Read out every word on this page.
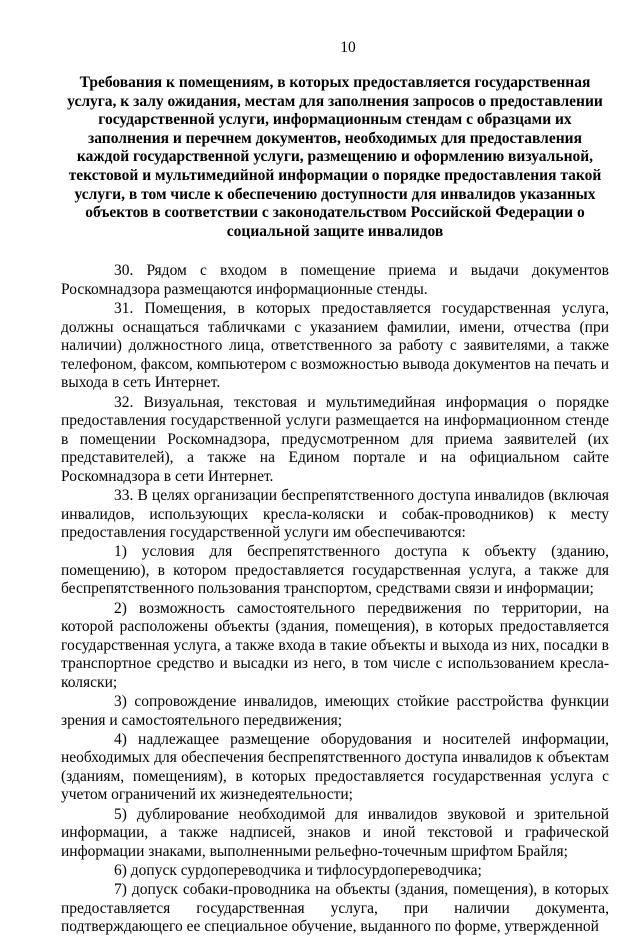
10
Требования к помещениям, в которых предоставляется государственная услуга, к залу ожидания, местам для заполнения запросов о предоставлении государственной услуги, информационным стендам с образцами их заполнения и перечнем документов, необходимых для предоставления каждой государственной услуги, размещению и оформлению визуальной, текстовой и мультимедийной информации о порядке предоставления такой услуги, в том числе к обеспечению доступности для инвалидов указанных объектов в соответствии с законодательством Российской Федерации о социальной защите инвалидов

30. Рядом с входом в помещение приема и выдачи документов Роскомнадзора размещаются информационные стенды.

31. Помещения, в которых предоставляется государственная услуга, должны оснащаться табличками с указанием фамилии, имени, отчества (при наличии) должностного лица, ответственного за работу с заявителями, а также телефоном, факсом, компьютером с возможностью вывода документов на печать и выхода в сеть Интернет.

32. Визуальная, текстовая и мультимедийная информация о порядке предоставления государственной услуги размещается на информационном стенде в помещении Роскомнадзора, предусмотренном для приема заявителей (их представителей), а также на Едином портале и на официальном сайте Роскомнадзора в сети Интернет.

33. В целях организации беспрепятственного доступа инвалидов (включая инвалидов, использующих кресла-коляски и собак-проводников) к месту предоставления государственной услуги им обеспечиваются:

1) условия для беспрепятственного доступа к объекту (зданию, помещению), в котором предоставляется государственная услуга, а также для беспрепятственного пользования транспортом, средствами связи и информации;

2) возможность самостоятельного передвижения по территории, на которой расположены объекты (здания, помещения), в которых предоставляется государственная услуга, а также входа в такие объекты и выхода из них, посадки в транспортное средство и высадки из него, в том числе с использованием кресла-коляски;

3) сопровождение инвалидов, имеющих стойкие расстройства функции зрения и самостоятельного передвижения;

4) надлежащее размещение оборудования и носителей информации, необходимых для обеспечения беспрепятственного доступа инвалидов к объектам (зданиям, помещениям), в которых предоставляется государственная услуга с учетом ограничений их жизнедеятельности;

5) дублирование необходимой для инвалидов звуковой и зрительной информации, а также надписей, знаков и иной текстовой и графической информации знаками, выполненными рельефно-точечным шрифтом Брайля;

6) допуск сурдопереводчика и тифлосурдопереводчика;

7) допуск собаки-проводника на объекты (здания, помещения), в которых предоставляется государственная услуга, при наличии документа, подтверждающего ее специальное обучение, выданного по форме, утвержденной
